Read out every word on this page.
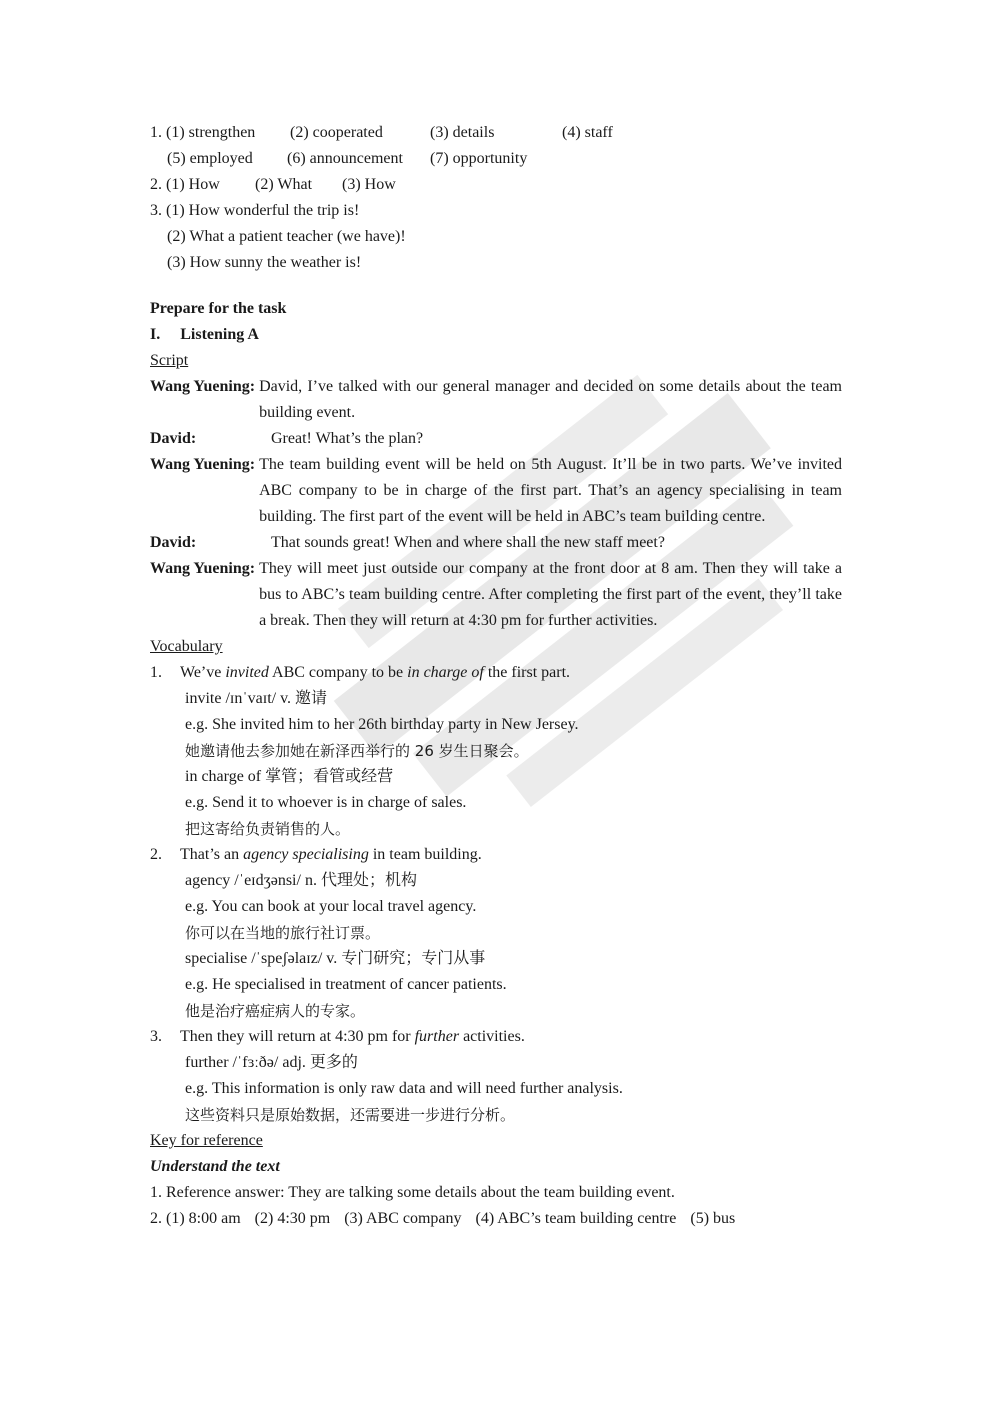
1. (1) strengthen (2) cooperated	(3) details	(4) staff
(5) employed (6) announcement (7) opportunity
2. (1) How (2) What (3) How
3. (1) How wonderful the trip is!
(2) What a patient teacher (we have)!
(3) How sunny the weather is!
Prepare for the task
I.     Listening A
Script
Wang Yuening: David, I’ve talked with our general manager and decided on some details about the team building event.
David:	Great! What’s the plan?
Wang Yuening: The team building event will be held on 5th August. It’ll be in two parts. We’ve invited ABC company to be in charge of the first part. That’s an agency specialising in team building. The first part of the event will be held in ABC’s team building centre.
David:	That sounds great! When and where shall the new staff meet?
Wang Yuening: They will meet just outside our company at the front door at 8 am. Then they will take a bus to ABC’s team building centre. After completing the first part of the event, they’ll take a break. Then they will return at 4:30 pm for further activities.
Vocabulary
1. We’ve invited ABC company to be in charge of the first part.
invite /ɪnˈvaɪt/ v. 邀请
e.g. She invited him to her 26th birthday party in New Jersey.
她邀请他去参加她在新泽西举行的 26 岁生日聚会。
in charge of 掌管；看管或经营
e.g. Send it to whoever is in charge of sales.
把这寄给负责销售的人。
2. That’s an agency specialising in team building.
agency /ˈeɪdʒənsi/ n. 代理处；机构
e.g. You can book at your local travel agency.
你可以在当地的旅行社订票。
specialise /ˈspeʃəlaɪz/ v. 专门研究；专门从事
e.g. He specialised in treatment of cancer patients.
他是治疗癌症病人的专家。
3. Then they will return at 4:30 pm for further activities.
further /ˈfɜːðə/ adj. 更多的
e.g. This information is only raw data and will need further analysis.
这些资料只是原始数据，还需要进一步进行分析。
Key for reference
Understand the text
1. Reference answer: They are talking some details about the team building event.
2. (1) 8:00 am (2) 4:30 pm (3) ABC company (4) ABC’s team building centre (5) bus
